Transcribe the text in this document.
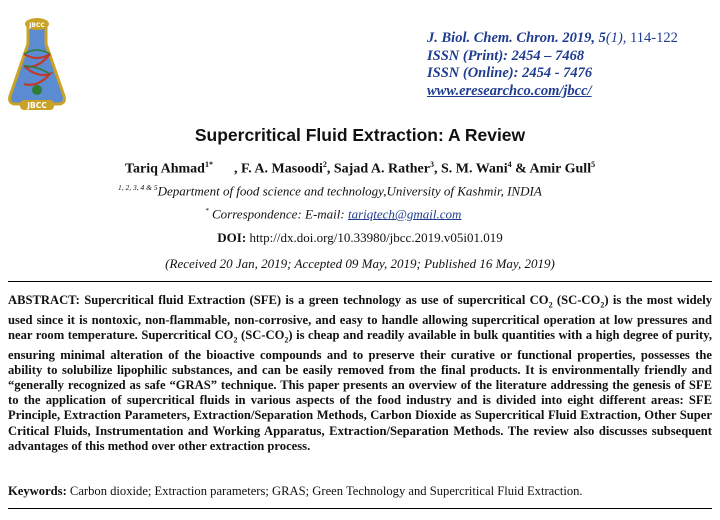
JBCC
JBCC
J. Biol. Chem. Chron. 2019, 5(1), 114-122
ISSN (Print): 2454 – 7468
ISSN (Online): 2454 - 7476
www.eresearchco.com/jbcc/
Supercritical Fluid Extraction: A Review
Tariq Ahmad$^{1*}$ , F. A. Masoodi$^2$, Sajad A. Rather$^3$, S. M. Wani$^4$ & Amir Gull$^5$
$^{1, 2, 3, 4 \& 5}$Department of food science and technology,University of Kashmir, INDIA
* Correspondence: E-mail: tariqtech@gmail.com
DOI: http://dx.doi.org/10.33980/jbcc.2019.v05i01.019
(Received 20 Jan, 2019; Accepted 09 May, 2019; Published 16 May, 2019)
ABSTRACT: Supercritical fluid Extraction (SFE) is a green technology as use of supercritical $CO_2$ $(SC-CO_2)$ is the most widely used since it is nontoxic, non-flammable, non-corrosive, and easy to handle allowing supercritical operation at low pressures and near room temperature. Supercritical $CO_2$ $(SC-CO_2)$ is cheap and readily available in bulk quantities with a high degree of purity, ensuring minimal alteration of the bioactive compounds and to preserve their curative or functional properties, possesses the ability to solubilize lipophilic substances, and can be easily removed from the final products. It is environmentally friendly and “generally recognized as safe “GRAS” technique. This paper presents an overview of the literature addressing the genesis of SFE to the application of supercritical fluids in various aspects of the food industry and is divided into eight different areas: SFE Principle, Extraction Parameters, Extraction/Separation Methods, Carbon Dioxide as Supercritical Fluid Extraction, Other Super Critical Fluids, Instrumentation and Working Apparatus, Extraction/Separation Methods. The review also discusses subsequent advantages of this method over other extraction process.
Keywords: Carbon dioxide; Extraction parameters; GRAS; Green Technology and Supercritical Fluid Extraction.
